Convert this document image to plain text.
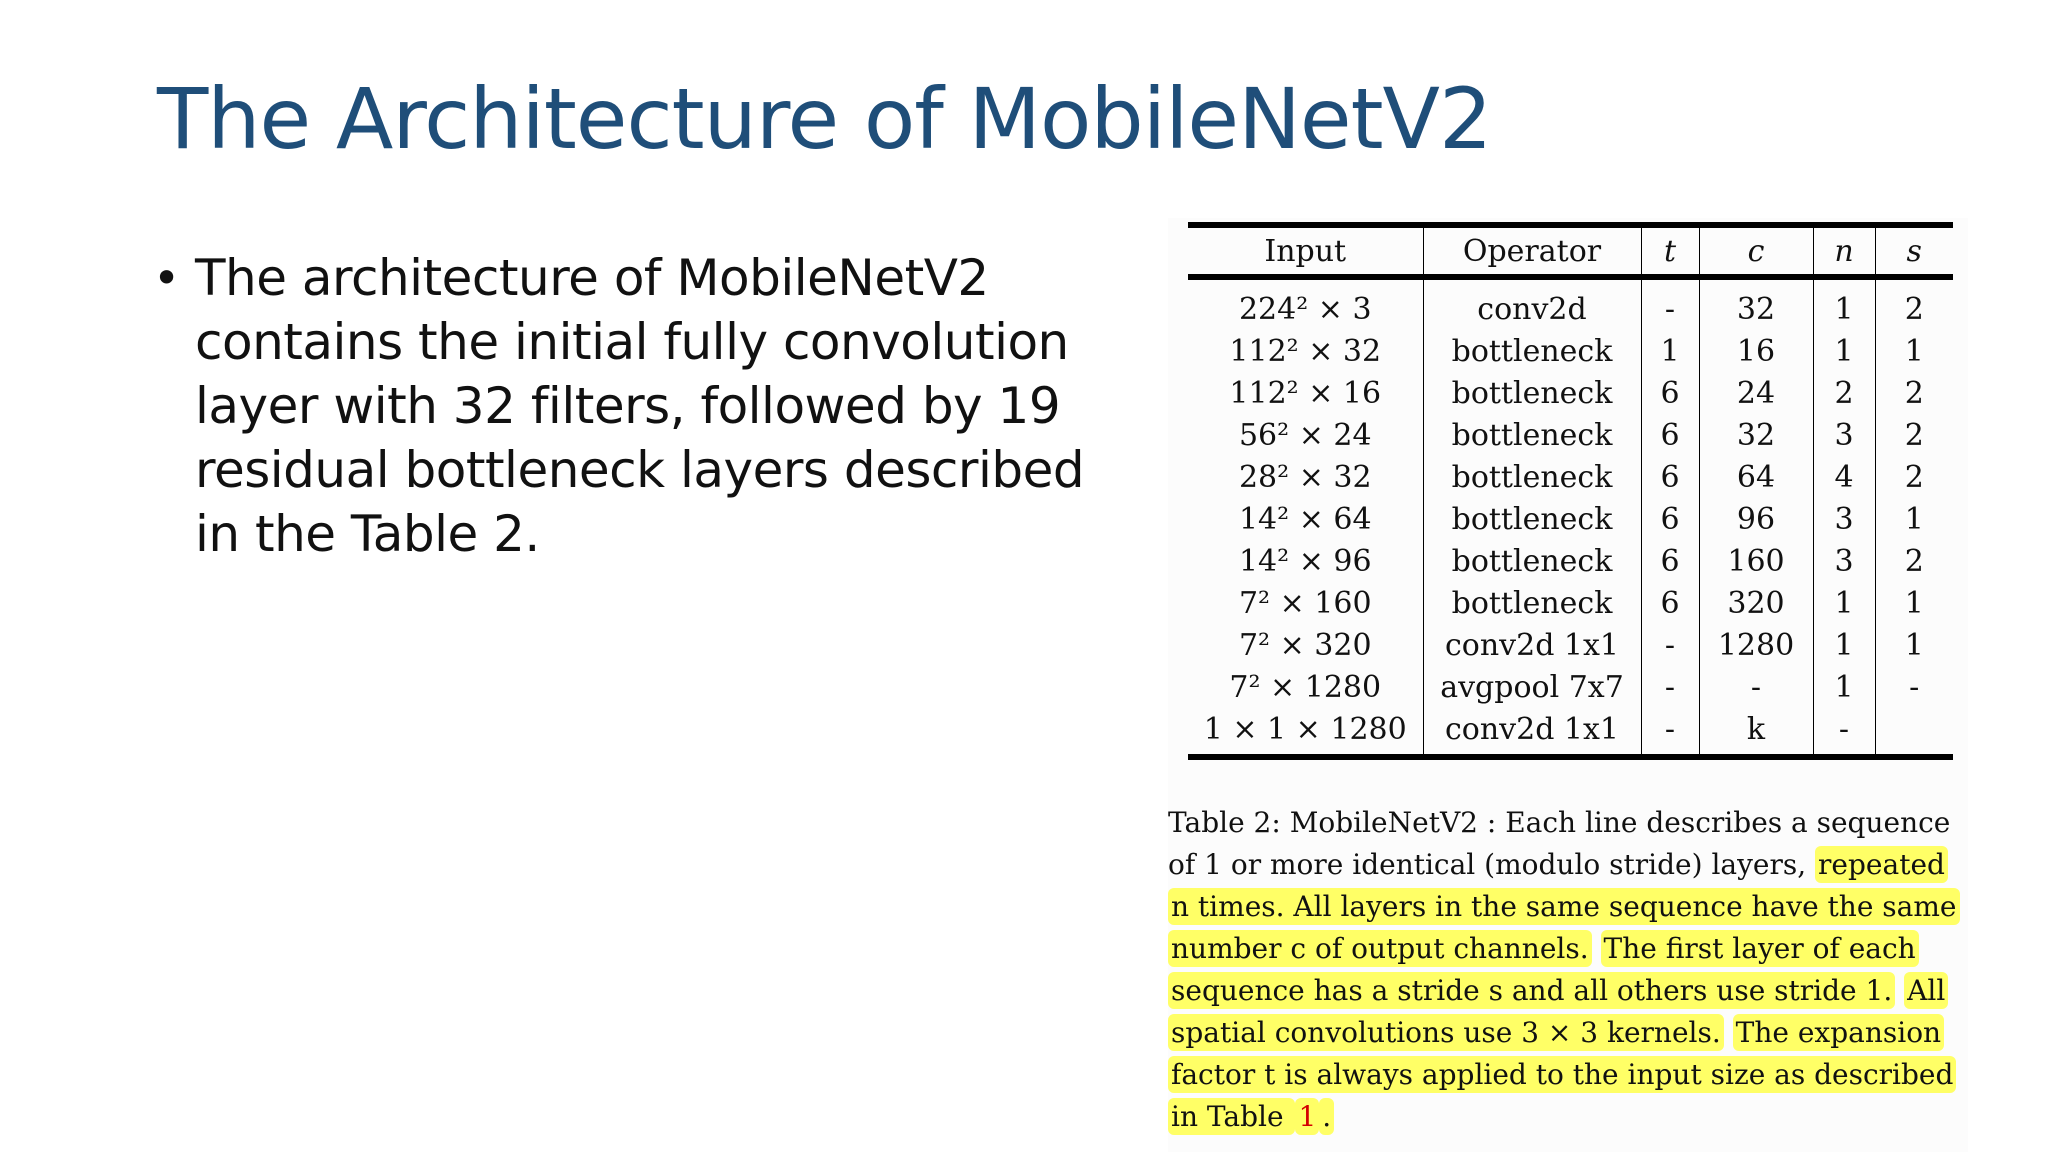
The Architecture of MobileNetV2
• The architecture of MobileNetV2 contains the initial fully convolution layer with 32 filters, followed by 19 residual bottleneck layers described in the Table 2.
Input	Operator	t	c	n	s
224² × 3	conv2d	-	32	1	2
112² × 32	bottleneck	1	16	1	1
112² × 16	bottleneck	6	24	2	2
56² × 24	bottleneck	6	32	3	2
28² × 32	bottleneck	6	64	4	2
14² × 64	bottleneck	6	96	3	1
14² × 96	bottleneck	6	160	3	2
7² × 160	bottleneck	6	320	1	1
7² × 320	conv2d 1x1	-	1280	1	1
7² × 1280	avgpool 7x7	-	-	1	-
1 × 1 × 1280	conv2d 1x1	-	k	-	
Table 2: MobileNetV2 : Each line describes a sequence
of 1 or more identical (modulo stride) layers, repeated
n times. All layers in the same sequence have the same
number c of output channels. The first layer of each
sequence has a stride s and all others use stride 1. All
spatial convolutions use 3 × 3 kernels. The expansion
factor t is always applied to the input size as described
in Table 1 .
